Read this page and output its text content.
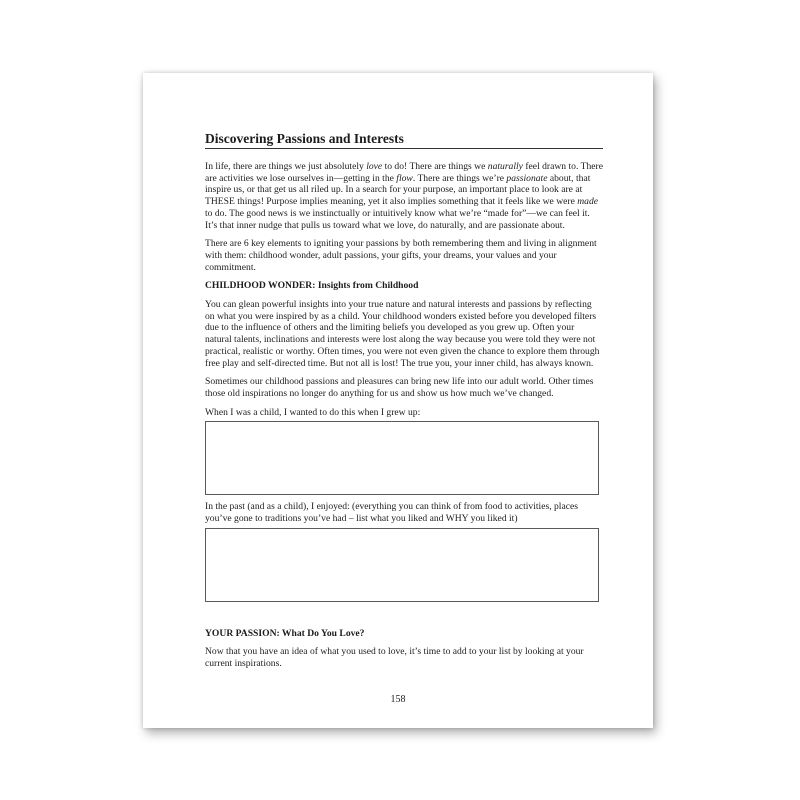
Discovering Passions and Interests

In life, there are things we just absolutely love to do! There are things we naturally feel drawn to. There are activities we lose ourselves in—getting in the flow. There are things we’re passionate about, that inspire us, or that get us all riled up. In a search for your purpose, an important place to look are at THESE things! Purpose implies meaning, yet it also implies something that it feels like we were made to do. The good news is we instinctually or intuitively know what we’re “made for”—we can feel it. It’s that inner nudge that pulls us toward what we love, do naturally, and are passionate about.

There are 6 key elements to igniting your passions by both remembering them and living in alignment with them: childhood wonder, adult passions, your gifts, your dreams, your values and your commitment.

CHILDHOOD WONDER: Insights from Childhood

You can glean powerful insights into your true nature and natural interests and passions by reflecting on what you were inspired by as a child. Your childhood wonders existed before you developed filters due to the influence of others and the limiting beliefs you developed as you grew up. Often your natural talents, inclinations and interests were lost along the way because you were told they were not practical, realistic or worthy. Often times, you were not even given the chance to explore them through free play and self-directed time. But not all is lost! The true you, your inner child, has always known.

Sometimes our childhood passions and pleasures can bring new life into our adult world. Other times those old inspirations no longer do anything for us and show us how much we’ve changed.

When I was a child, I wanted to do this when I grew up:

In the past (and as a child), I enjoyed: (everything you can think of from food to activities, places you’ve gone to traditions you’ve had – list what you liked and WHY you liked it)

YOUR PASSION: What Do You Love?

Now that you have an idea of what you used to love, it’s time to add to your list by looking at your current inspirations.

158
